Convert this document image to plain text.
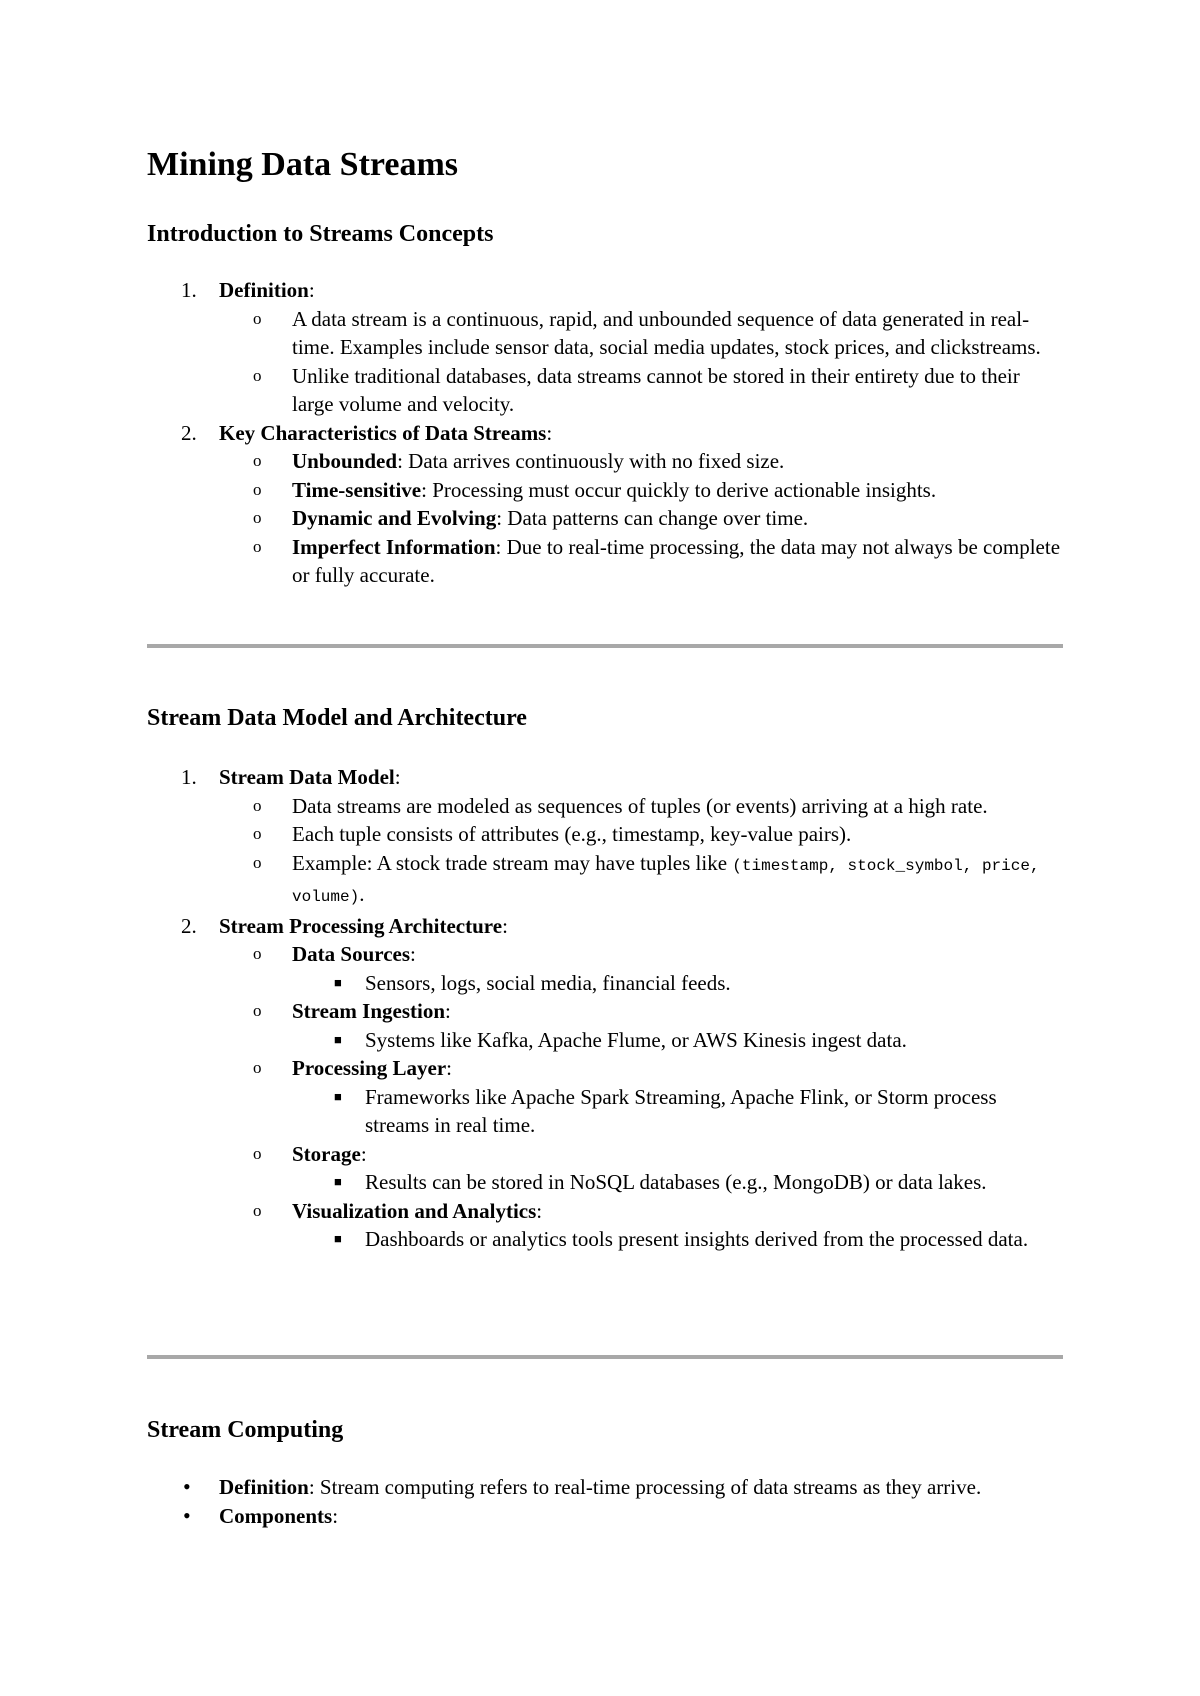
Mining Data Streams
Introduction to Streams Concepts
1. Definition:
o A data stream is a continuous, rapid, and unbounded sequence of data generated in real-time. Examples include sensor data, social media updates, stock prices, and clickstreams.
o Unlike traditional databases, data streams cannot be stored in their entirety due to their large volume and velocity.
2. Key Characteristics of Data Streams:
o Unbounded: Data arrives continuously with no fixed size.
o Time-sensitive: Processing must occur quickly to derive actionable insights.
o Dynamic and Evolving: Data patterns can change over time.
o Imperfect Information: Due to real-time processing, the data may not always be complete or fully accurate.
Stream Data Model and Architecture
1. Stream Data Model:
o Data streams are modeled as sequences of tuples (or events) arriving at a high rate.
o Each tuple consists of attributes (e.g., timestamp, key-value pairs).
o Example: A stock trade stream may have tuples like (timestamp, stock_symbol, price, volume).
2. Stream Processing Architecture:
o Data Sources:
■ Sensors, logs, social media, financial feeds.
o Stream Ingestion:
■ Systems like Kafka, Apache Flume, or AWS Kinesis ingest data.
o Processing Layer:
■ Frameworks like Apache Spark Streaming, Apache Flink, or Storm process streams in real time.
o Storage:
■ Results can be stored in NoSQL databases (e.g., MongoDB) or data lakes.
o Visualization and Analytics:
■ Dashboards or analytics tools present insights derived from the processed data.
Stream Computing
• Definition: Stream computing refers to real-time processing of data streams as they arrive.
• Components:
